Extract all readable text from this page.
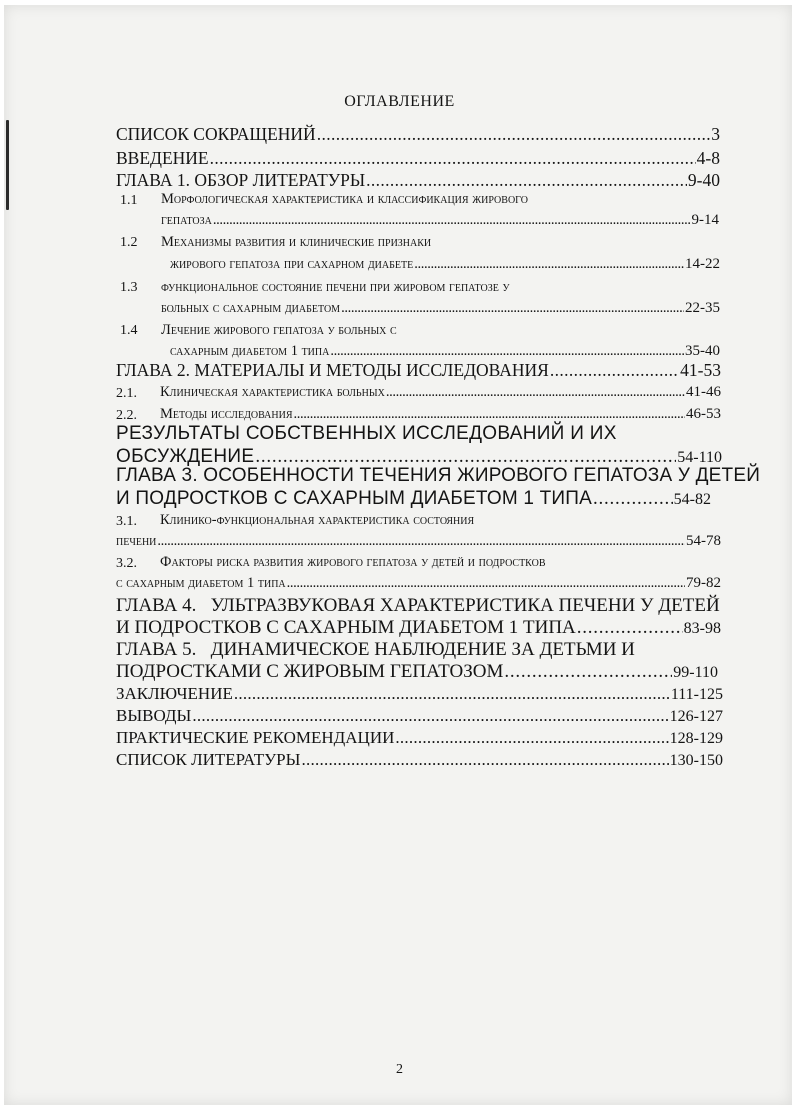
ОГЛАВЛЕНИЕ
СПИСОК СОКРАЩЕНИЙ . . .	3
ВВЕДЕНИЕ . . .	4-8
ГЛАВА 1. ОБЗОР ЛИТЕРАТУРЫ . . .	9-40
1.1 Морфологическая характеристика и классификация жирового
гепатоза . . .	9-14
1.2 Механизмы развития и клинические признаки
жирового гепатоза при сахарном диабете . . .	14-22
1.3 функциональное состояние печени при жировом гепатозе у
больных с сахарным диабетом . . .	22-35
1.4 Лечение жирового гепатоза у больных с
сахарным диабетом 1 типа . . .	35-40
ГЛАВА 2. МАТЕРИАЛЫ И МЕТОДЫ ИССЛЕДОВАНИЯ . . .	41-53
2.1. Клиническая характеристика больных . . .	41-46
2.2. Методы исследования . . .	46-53
РЕЗУЛЬТАТЫ СОБСТВЕННЫХ ИССЛЕДОВАНИЙ И ИХ
ОБСУЖДЕНИЕ . . .	54-110
ГЛАВА 3. ОСОБЕННОСТИ ТЕЧЕНИЯ ЖИРОВОГО ГЕПАТОЗА У ДЕТЕЙ
И ПОДРОСТКОВ С САХАРНЫМ ДИАБЕТОМ 1 ТИПА . . .	54-82
3.1. Клинико-функциональная характеристика состояния
печени . . .	54-78
3.2. Факторы риска развития жирового гепатоза у детей и подростков
с сахарным диабетом 1 типа . . .	79-82
ГЛАВА 4.   УЛЬТРАЗВУКОВАЯ ХАРАКТЕРИСТИКА ПЕЧЕНИ У ДЕТЕЙ
И ПОДРОСТКОВ С САХАРНЫМ ДИАБЕТОМ 1 ТИПА . . .	83-98
ГЛАВА 5.   ДИНАМИЧЕСКОЕ НАБЛЮДЕНИЕ ЗА ДЕТЬМИ И
ПОДРОСТКАМИ С ЖИРОВЫМ ГЕПАТОЗОМ . . .	99-110
ЗАКЛЮЧЕНИЕ . . .	111-125
ВЫВОДЫ . . .	126-127
ПРАКТИЧЕСКИЕ РЕКОМЕНДАЦИИ . . .	128-129
СПИСОК ЛИТЕРАТУРЫ . . .	130-150
2
